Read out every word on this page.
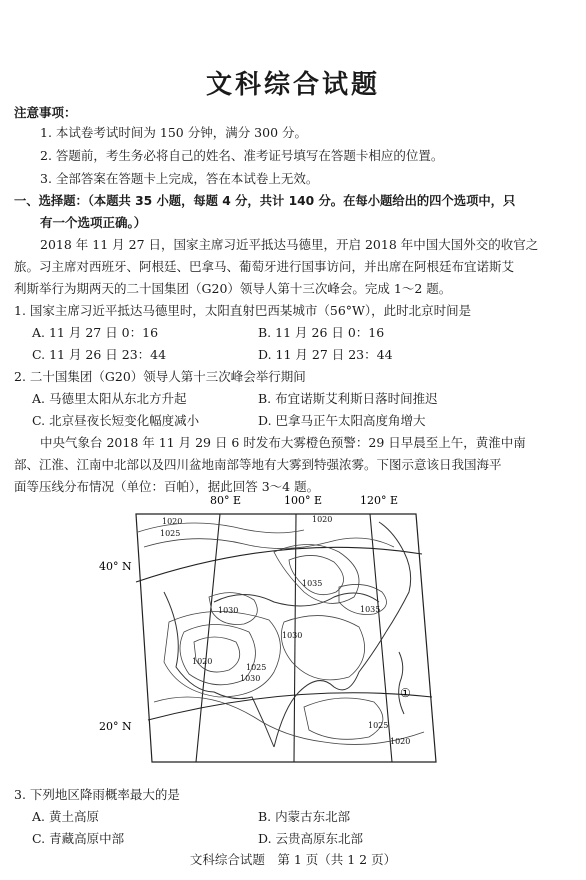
文科综合试题
注意事项：
1. 本试卷考试时间为 150 分钟，满分 300 分。
2. 答题前，考生务必将自己的姓名、准考证号填写在答题卡相应的位置。
3. 全部答案在答题卡上完成，答在本试卷上无效。
一、选择题：（本题共 35 小题，每题 4 分，共计 140 分。在每小题给出的四个选项中，只
有一个选项正确。）
2018 年 11 月 27 日，国家主席习近平抵达马德里，开启 2018 年中国大国外交的收官之
旅。习主席对西班牙、阿根廷、巴拿马、葡萄牙进行国事访问，并出席在阿根廷布宜诺斯艾
利斯举行为期两天的二十国集团（G20）领导人第十三次峰会。完成 1～2 题。
1. 国家主席习近平抵达马德里时，太阳直射巴西某城市（56°W），此时北京时间是
A. 11 月 27 日 0：16	B. 11 月 26 日 0：16
C. 11 月 26 日 23：44	D. 11 月 27 日 23：44
2. 二十国集团（G20）领导人第十三次峰会举行期间
A. 马德里太阳从东北方升起	B. 布宜诺斯艾利斯日落时间推迟
C. 北京昼夜长短变化幅度减小	D. 巴拿马正午太阳高度角增大
中央气象台 2018 年 11 月 29 日 6 时发布大雾橙色预警：29 日早晨至上午，黄淮中南
部、江淮、江南中北部以及四川盆地南部等地有大雾到特强浓雾。下图示意该日我国海平
面等压线分布情况（单位：百帕），据此回答 3～4 题。
80° E	100° E	120° E
40° N
20° N
1020
1025
1020
1035
1035
1030
1030
1020
1025
1030
1025
1020
①
3. 下列地区降雨概率最大的是
A. 黄土高原	B. 内蒙古东北部
C. 青藏高原中部	D. 云贵高原东北部
文科综合试题　第 1 页（共 1 2 页）
